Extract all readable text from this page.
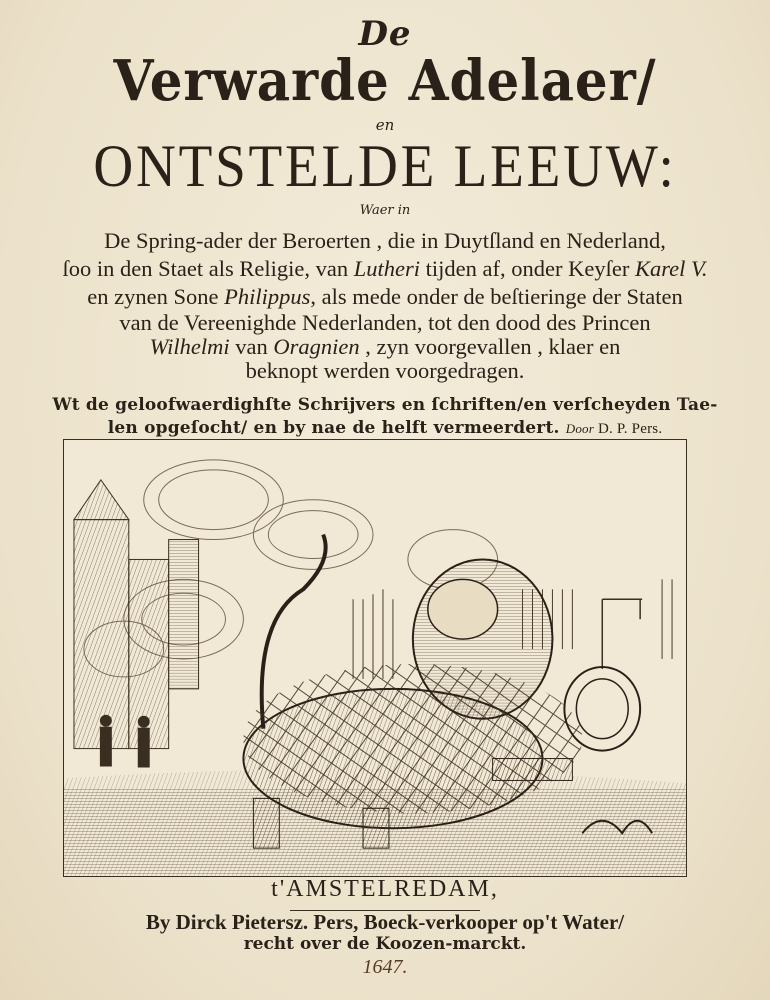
De
Verwarde Adelaer/
en
ONTSTELDE LEEUW:
Waer in
De Spring-ader der Beroerten , die in Duytſland en Nederland,
ſoo in den Staet als Religie, van Lutheri tijden af, onder Keyſer Karel V.
en zynen Sone Philippus, als mede onder de beſtieringe der Staten
van de Vereenighde Nederlanden, tot den dood des Princen
Wilhelmi van Oragnien , zyn voorgevallen , klaer en
beknopt werden voorgedragen.
Wt de geloofwaerdighſte Schrijvers en ſchriften/en verſcheyden Tae-
len opgeſocht/ en by nae de helft vermeerdert. Door D. P. Pers.
t'AMSTELREDAM,
By Dirck Pietersz. Pers, Boeck-verkooper op't Water/
recht over de Koozen-marckt.
1647.
